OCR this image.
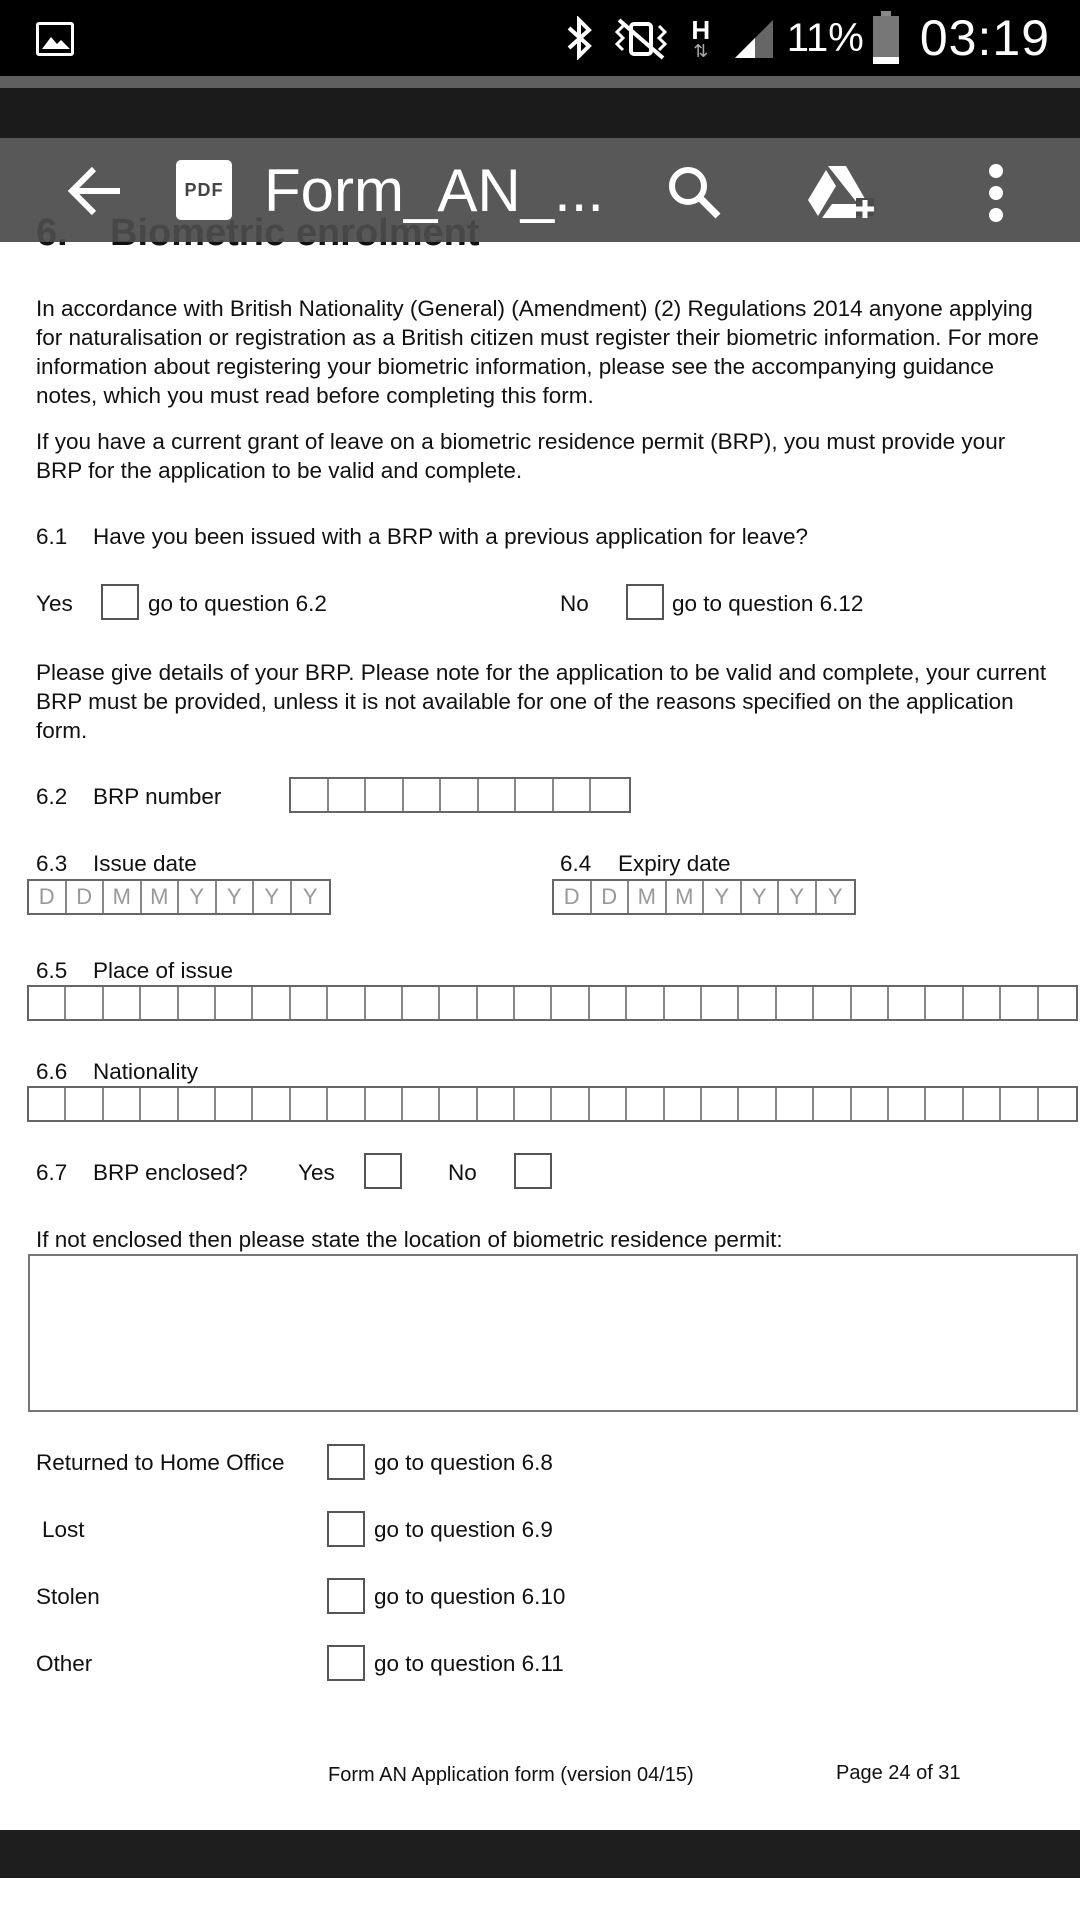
H
⇅ 11% 03:19
In accordance with British Nationality (General) (Amendment) (2) Regulations 2014 anyone applying for naturalisation or registration as a British citizen must register their biometric information. For more information about registering your biometric information, please see the accompanying guidance notes, which you must read before completing this form.
If you have a current grant of leave on a biometric residence permit (BRP), you must provide your BRP for the application to be valid and complete.
6.1 Have you been issued with a BRP with a previous application for leave?
Yes	go to question 6.2	No	go to question 6.12
Please give details of your BRP. Please note for the application to be valid and complete, your current BRP must be provided, unless it is not available for one of the reasons specified on the application form.
6.2 BRP number
6.3 Issue date
D D M M Y	Y	Y	Y
6.4 Expiry date
D D M M Y	Y	Y	Y
6.5 Place of issue
6.6 Nationality
6.7 BRP enclosed? Yes	No
If not enclosed then please state the location of biometric residence permit:
Returned to Home Office	go to question 6.8
Lost	go to question 6.9
Stolen	go to question 6.10
Other	go to question 6.11
Form AN Application form (version 04/15)	Page 24 of 31
PDF Form_AN_...
